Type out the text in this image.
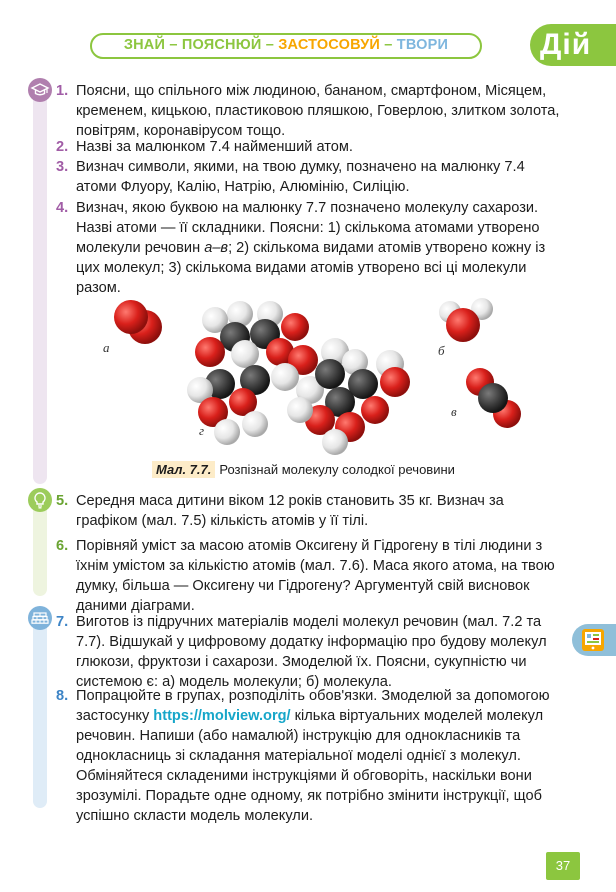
ЗНАЙ – ПОЯСНЮЙ – ЗАСТОСОВУЙ – ТВОРИ	Дій
1. Поясни, що спільного між людиною, бананом, смартфоном, Місяцем, кременем, кицькою, пластиковою пляшкою, Говерлою, злитком золота, повітрям, коронавірусом тощо.
2. Назві за малюнком 7.4 найменший атом.
3. Визнач символи, якими, на твою думку, позначено на малюнку 7.4 атоми Флуору, Калію, Натрію, Алюмінію, Силіцію.
4. Визнач, якою буквою на малюнку 7.7 позначено молекулу сахарози. Назві атоми — її складники. Поясни: 1) скількома атомами утворено молекули речовин а–в; 2) скількома видами атомів утворено кожну із цих молекул; 3) скількома видами атомів утворено всі ці молекули разом.
а	б
в
г
Мал. 7.7. Розпізнай молекулу солодкої речовини
5. Середня маса дитини віком 12 років становить 35 кг. Визнач за графіком (мал. 7.5) кількість атомів у її тілі.
6. Порівняй уміст за масою атомів Оксигену й Гідрогену в тілі людини з їхнім умістом за кількістю атомів (мал. 7.6). Маса якого атома, на твою думку, більша — Оксигену чи Гідрогену? Аргументуй свій висновок даними діаграми.
7. Виготов із підручних матеріалів моделі молекул речовин (мал. 7.2 та 7.7). Відшукай у цифровому додатку інформацію про будову молекул глюкози, фруктози і сахарози. Змоделюй їх. Поясни, сукупністю чи системою є: а) модель молекули; б) молекула.
8. Попрацюйте в групах, розподіліть обов'язки. Змоделюй за допомогою застосунку https://molview.org/ кілька віртуальних моделей молекул речовин. Напиши (або намалюй) інструкцію для однокласників та однокласниць зі складання матеріальної моделі однієї з молекул. Обміняйтеся складеними інструкціями й обговоріть, наскільки вони зрозумілі. Порадьте одне одному, як потрібно змінити інструкції, щоб успішно скласти модель молекули.
37
